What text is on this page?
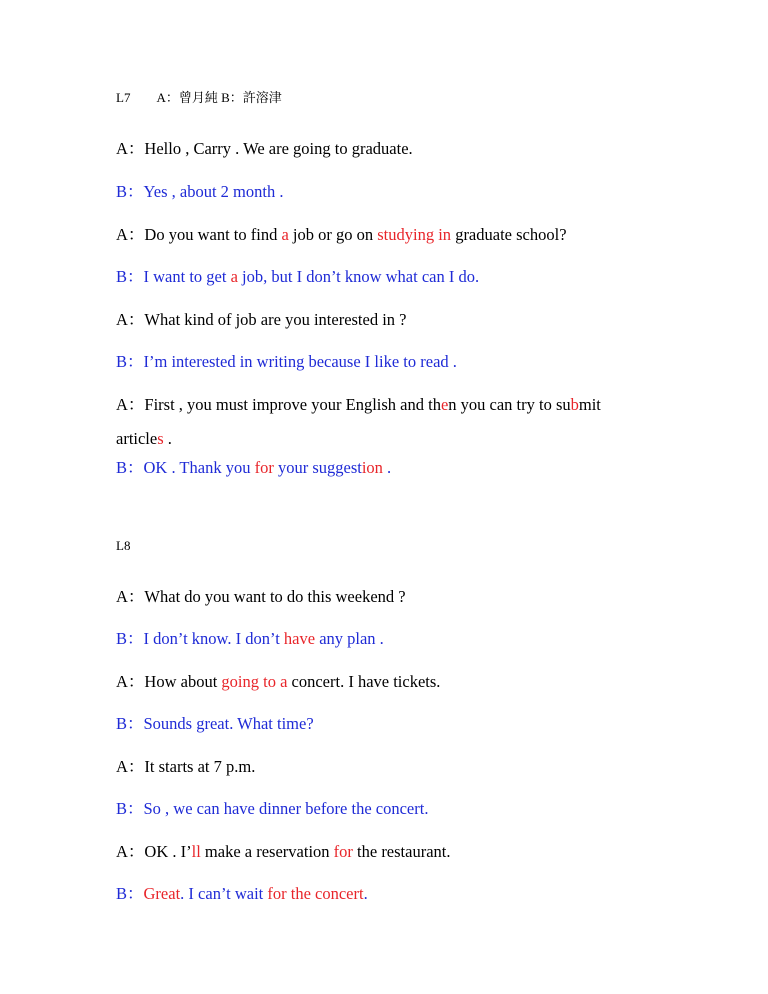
L7 A：曾月純 B：許溶津
A：Hello , Carry . We are going to graduate.
B：Yes , about 2 month .
A：Do you want to find a job or go on studying in graduate school?
B：I want to get a job, but I don’t know what can I do.
A：What kind of job are you interested in ?
B：I’m interested in writing because I like to read .
A：First , you must improve your English and then you can try to submit
articles .
B：OK . Thank you for your suggestion .
L8
A：What do you want to do this weekend ?
B：I don’t know. I don’t have any plan .
A：How about going to a concert. I have tickets.
B：Sounds great. What time?
A：It starts at 7 p.m.
B：So , we can have dinner before the concert.
A：OK . I’ll make a reservation for the restaurant.
B：Great. I can’t wait for the concert.
